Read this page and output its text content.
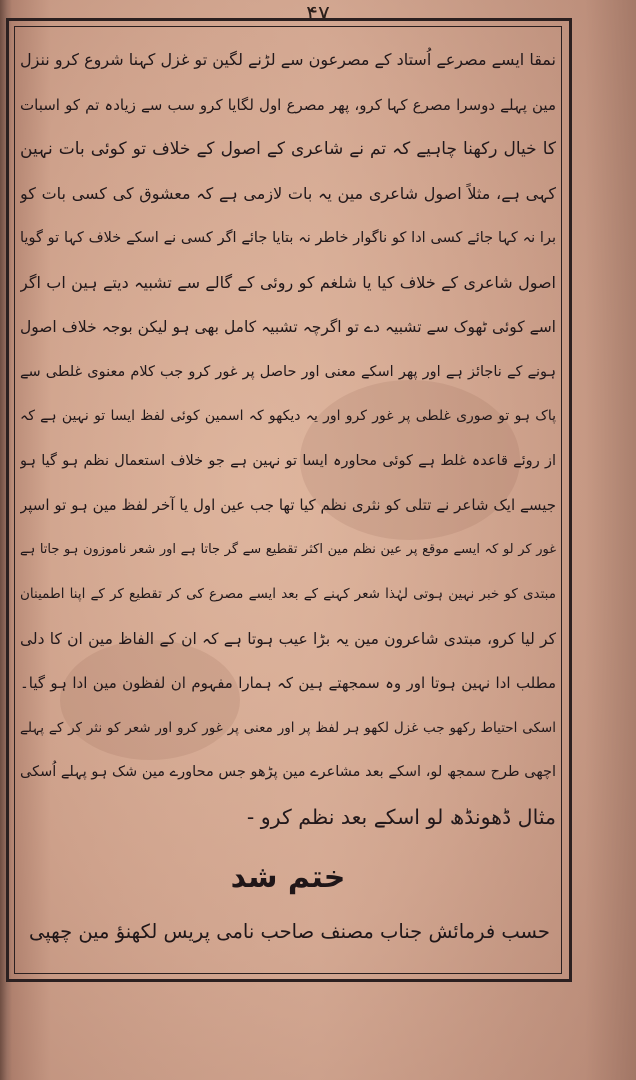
۴۷
نمقا ایسے مصرعے اُستاد کے مصرعون سے لڑنے لگین تو غزل کہنا شروع کرو ننزل
مین پہلے دوسرا مصرع کہا کرو، پھر مصرع اول لگایا کرو سب سے زیادہ تم کو اسبات
کا خیال رکھنا چاہیے کہ تم نے شاعری کے اصول کے خلاف تو کوئی بات نہین
کہی ہے، مثلاً اصول شاعری مین یہ بات لازمی ہے کہ معشوق کی کسی بات کو
برا نہ کہا جائے کسی ادا کو ناگوار خاطر نہ بتایا جائے اگر کسی نے اسکے خلاف کہا تو گویا
اصول شاعری کے خلاف کیا یا شلغم کو روئی کے گالے سے تشبیہ دیتے ہین اب اگر
اسے کوئی ٹھوک سے تشبیہ دے تو اگرچہ تشبیہ کامل بھی ہو لیکن بوجہ خلاف اصول
ہونے کے ناجائز ہے اور پھر اسکے معنی اور حاصل پر غور کرو جب کلام معنوی غلطی سے
پاک ہو تو صوری غلطی پر غور کرو اور یہ دیکھو کہ اسمین کوئی لفظ ایسا تو نہین ہے کہ
از روئے قاعدہ غلط ہے کوئی محاورہ ایسا تو نہین ہے جو خلاف استعمال نظم ہو گیا ہو
جیسے ایک شاعر نے تتلی کو نثری نظم کیا تھا جب عین اول یا آخر لفظ مین ہو تو اسپر
غور کر لو کہ ایسے موقع پر عین نظم مین اکثر تقطیع سے گر جاتا ہے اور شعر ناموزون ہو جاتا ہے
مبتدی کو خبر نہین ہوتی لہٰذا شعر کہنے کے بعد ایسے مصرع کی کر تقطیع کر کے اپنا اطمینان
کر لیا کرو، مبتدی شاعرون مین یہ بڑا عیب ہوتا ہے کہ ان کے الفاظ مین ان کا دلی
مطلب ادا نہین ہوتا اور وہ سمجھتے ہین کہ ہمارا مفہوم ان لفظون مین ادا ہو گیا۔
اسکی احتیاط رکھو جب غزل لکھو ہر لفظ پر اور معنی پر غور کرو اور شعر کو نثر کر کے پہلے
اچھی طرح سمجھ لو، اسکے بعد مشاعرے مین پڑھو جس محاورے مین شک ہو پہلے اُسکی
مثال ڈھونڈھ لو اسکے بعد نظم کرو -
ختم شد
حسب فرمائش جناب مصنف صاحب نامی پریس لکھنؤ مین چھپی
